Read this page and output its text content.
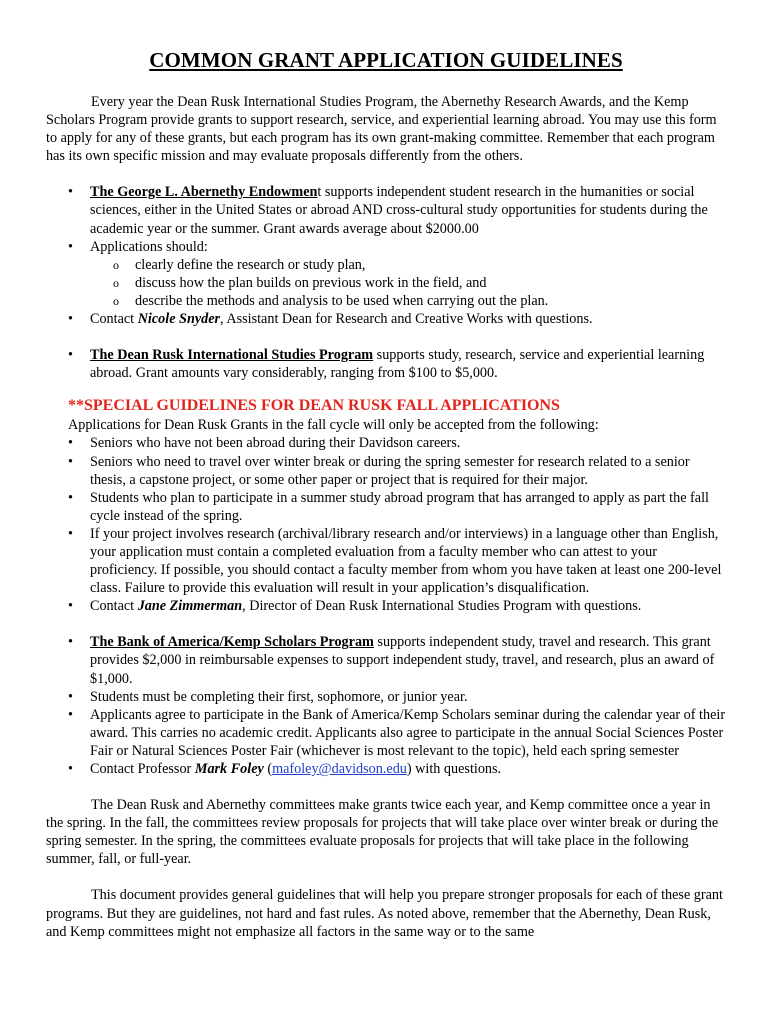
COMMON GRANT APPLICATION GUIDELINES

Every year the Dean Rusk International Studies Program, the Abernethy Research Awards, and the Kemp Scholars Program provide grants to support research, service, and experiential learning abroad. You may use this form to apply for any of these grants, but each program has its own grant-making committee. Remember that each program has its own specific mission and may evaluate proposals differently from the others.

• The George L. Abernethy Endowment supports independent student research in the humanities or social sciences, either in the United States or abroad AND cross-cultural study opportunities for students during the academic year or the summer. Grant awards average about $2000.00
• Applications should:
o clearly define the research or study plan,
o discuss how the plan builds on previous work in the field, and
o describe the methods and analysis to be used when carrying out the plan.
• Contact Nicole Snyder, Assistant Dean for Research and Creative Works with questions.
• The Dean Rusk International Studies Program supports study, research, service and experiential learning abroad. Grant amounts vary considerably, ranging from $100 to $5,000.
**SPECIAL GUIDELINES FOR DEAN RUSK FALL APPLICATIONS

Applications for Dean Rusk Grants in the fall cycle will only be accepted from the following:

• Seniors who have not been abroad during their Davidson careers.
• Seniors who need to travel over winter break or during the spring semester for research related to a senior thesis, a capstone project, or some other paper or project that is required for their major.
• Students who plan to participate in a summer study abroad program that has arranged to apply as part the fall cycle instead of the spring.
• If your project involves research (archival/library research and/or interviews) in a language other than English, your application must contain a completed evaluation from a faculty member who can attest to your proficiency. If possible, you should contact a faculty member from whom you have taken at least one 200-level class. Failure to provide this evaluation will result in your application’s disqualification.
• Contact Jane Zimmerman, Director of Dean Rusk International Studies Program with questions.
• The Bank of America/Kemp Scholars Program supports independent study, travel and research. This grant provides $2,000 in reimbursable expenses to support independent study, travel, and research, plus an award of $1,000.
• Students must be completing their first, sophomore, or junior year.
• Applicants agree to participate in the Bank of America/Kemp Scholars seminar during the calendar year of their award. This carries no academic credit. Applicants also agree to participate in the annual Social Sciences Poster Fair or Natural Sciences Poster Fair (whichever is most relevant to the topic), held each spring semester
• Contact Professor Mark Foley (mafoley@davidson.edu) with questions.

The Dean Rusk and Abernethy committees make grants twice each year, and Kemp committee once a year in the spring. In the fall, the committees review proposals for projects that will take place over winter break or during the spring semester. In the spring, the committees evaluate proposals for projects that will take place in the following summer, fall, or full-year.

This document provides general guidelines that will help you prepare stronger proposals for each of these grant programs. But they are guidelines, not hard and fast rules. As noted above, remember that the Abernethy, Dean Rusk, and Kemp committees might not emphasize all factors in the same way or to the same
